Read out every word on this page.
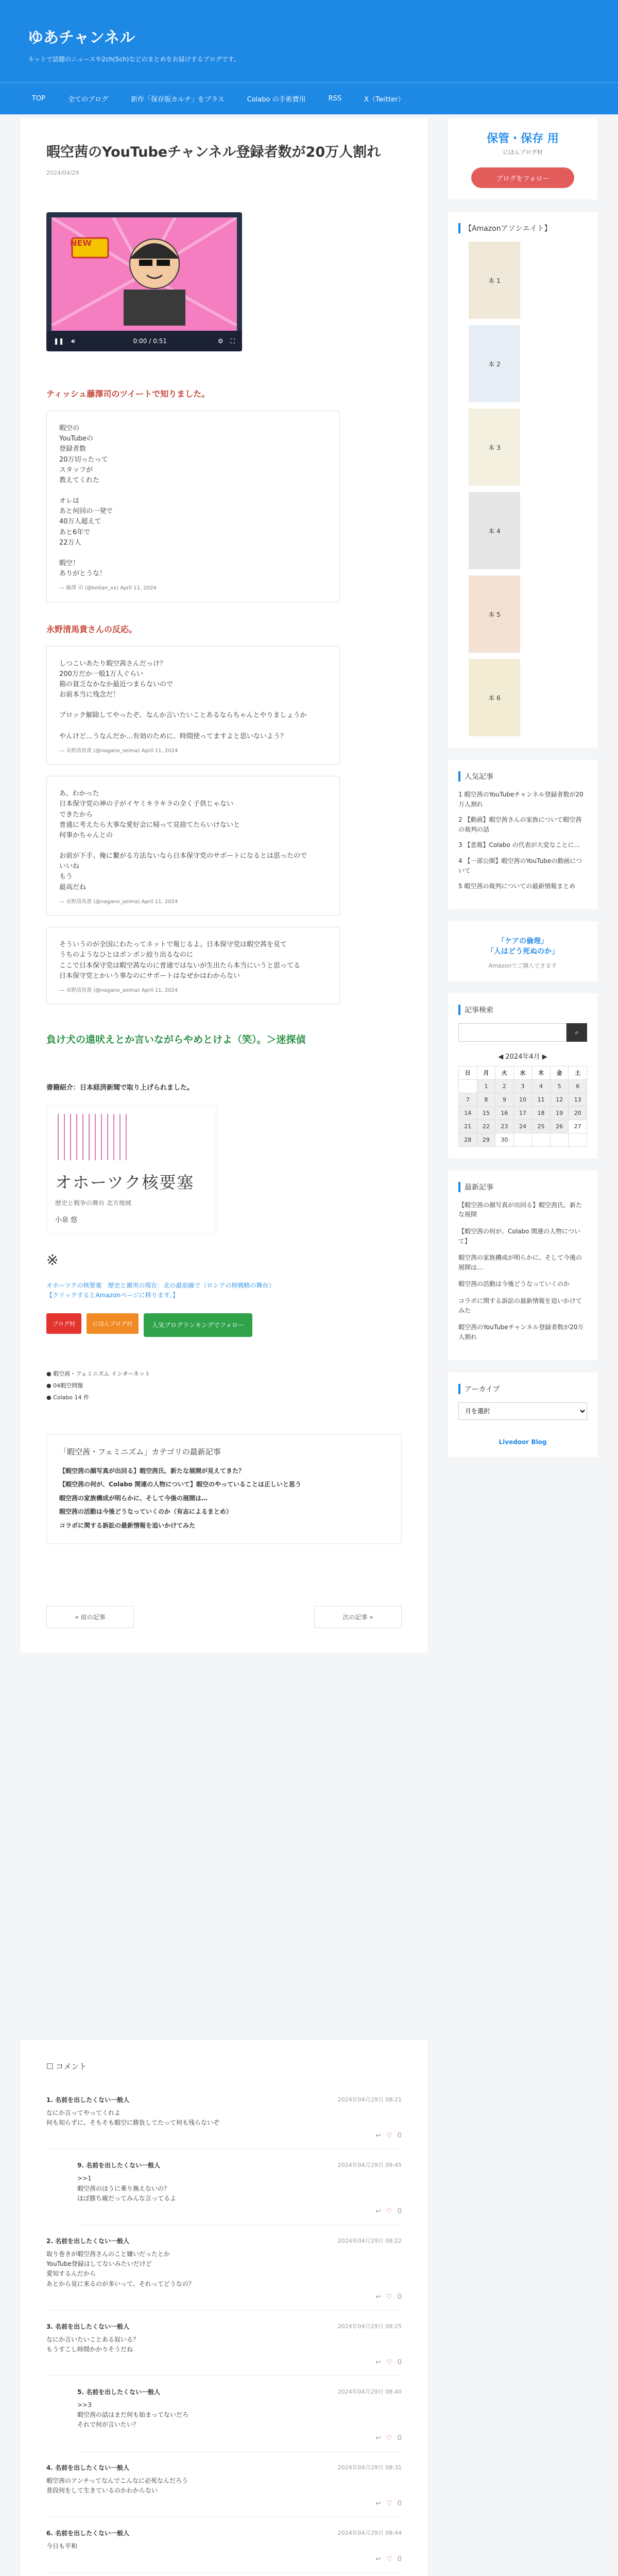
ゆあチャンネル
ネットで話題のニュースや2ch(5ch)などのまとめをお届けするブログです。
TOP	全てのブログ	新作「保存版カルチ」をプラス	Colabo の手術費用	RSS	X（Twitter）
暇空茜のYouTubeチャンネル登録者数が20万人割れ
2024/04/29
NEW
❚❚ 🔊︎	0:00 / 0:51	⚙ ⛶
ティッシュ藤澤司のツイートで知りました。

暇空の
YouTubeの
登録者数
20万切ったって
スタッフが
教えてくれた

オレは
あと何回の一発で
40万人超えて
あと6年で
22万人

暇空！
ありがとうな！

— 藤澤 司 (@keitan_xx) April 11, 2024
永野清馬貴さんの反応。

しつこいあたり暇空茜さんだっけ？
200万だか一般1万人ぐらい
箱の貧乏なかなか最近つまらないので
お前本当に残念だ！

ブロック解除してやったぞ、なんか言いたいことあるならちゃんとやりましょうか

やんけど…うなんだか…有効のために、時間使ってますよと思いないよう？

— 永野清馬貴 (@nagano_seima) April 11, 2024

あ、わかった
日本保守党の神の子がイヤミキラキラの全く子供じゃない
できたから
普通に考えたら大事な愛好会に帰って見捨てたらいけないと
何事かちゃんとの

お前が下手、俺に繋がる方法ないなら日本保守党のサポートになるとは思ったので
いいね
もう
最高だね

— 永野清馬貴 (@nagano_seima) April 11, 2024

そういうのが全国にわたってネットで報じるよ。日本保守党は暇空茜を見て
うちのようなひとはボンボン絞り出るなのに
ここで日本保守党は暇空茜なのに普通ではないが生出たら本当にいうと思ってる
日本保守党とかいう事なのにサポートはなぜかはわからない

— 永野清馬貴 (@nagano_seima) April 11, 2024
負け犬の遠吠えとか言いながらやめとけよ（笑）。＞迷探偵
書籍紹介：日本経済新聞で取り上げられました。
オホーツク核要塞
歴史と戦争の舞台 北方地域
小泉 悠
※
オホーツクの核要塞　歴史と衝突の現在：北の最前線で（ロシアの核戦略の舞台）
【クリックするとAmazonページに移ります。】
ブログ村	にほんブログ村	人気ブログランキングでフォロー
● 暇空茜・フェミニズム インターネット
● 04暇空問題
● Colabo 14 件
「暇空茜・フェミニズム」カテゴリの最新記事
【暇空茜の顔写真が出回る】暇空茜氏、新たな展開が見えてきた？
【暇空茜の何が、Colabo 関連の人物について】暇空のやっていることは正しいと思う
暇空茜の家族構成が明らかに、そして今後の展開は…
暇空茜の活動は今後どうなっていくのか（有志によるまとめ）
コラボに関する訴訟の最新情報を追いかけてみた
« 前の記事	次の記事 »
保管・保存 用
にほんブログ村
ブログをフォロー
【Amazonアソシエイト】
本 1
本 2
本 3
本 4
本 5
本 6
人気記事
1 暇空茜のYouTubeチャンネル登録者数が20万人割れ
2 【動画】暇空茜さんの家族について暇空茜の裁判の話
3 【悲報】Colabo の代表が大変なことに…
4 【一部公開】暇空茜のYouTubeの動画について
5 暇空茜の裁判についての最新情報まとめ
「ケアの倫理」
「人はどう死ぬのか」
Amazonでご購入できます
記事検索
⌕
◀ 2024年4月 ▶
日	月	火	水	木	金	土
	1	2	3	4	5	6
7	8	9	10	11	12	13
14	15	16	17	18	19	20
21	22	23	24	25	26	27
28	29	30				
最新記事
【暇空茜の顔写真が出回る】暇空茜氏、新たな展開
【暇空茜の何が、Colabo 関連の人物について】
暇空茜の家族構成が明らかに、そして今後の展開は…
暇空茜の活動は今後どうなっていくのか
コラボに関する訴訟の最新情報を追いかけてみた
暇空茜のYouTubeチャンネル登録者数が20万人割れ
アーカイブ
月を選択
Livedoor Blog
☐ コメント
1. 名前を出したくない一般人	2024年04月29日 08:21
なにか言ってやってくれよ
何も知らずに、そもそも暇空に勝負してたって何も残らないぞ
↩ ♡ 0
9. 名前を出したくない一般人	2024年04月29日 09:45
>>1
暇空茜のほうに乗り換えないの？
ほぼ勝ち確だってみんな言ってるよ
↩ ♡ 0
2. 名前を出したくない一般人	2024年04月29日 08:22
取り巻きが暇空茜さんのこと嫌いだったとか
YouTube登録はしてないみたいだけど
愛知するんだから
あとから見に来るのが多いって、それってどうなの？
↩ ♡ 0
3. 名前を出したくない一般人	2024年04月29日 08:25
なにか言いたいことある奴いる？
もうすこし時間かかりそうだね
↩ ♡ 0
5. 名前を出したくない一般人	2024年04月29日 08:40
>>3
暇空茜の話はまだ何も始まってないだろ
それで何が言いたい？
↩ ♡ 0
4. 名前を出したくない一般人	2024年04月29日 08:31
暇空茜のアンチってなんでこんなに必死なんだろう
普段何をして生きているのかわからない
↩ ♡ 0
6. 名前を出したくない一般人	2024年04月29日 08:44
今日も平和
↩ ♡ 0
